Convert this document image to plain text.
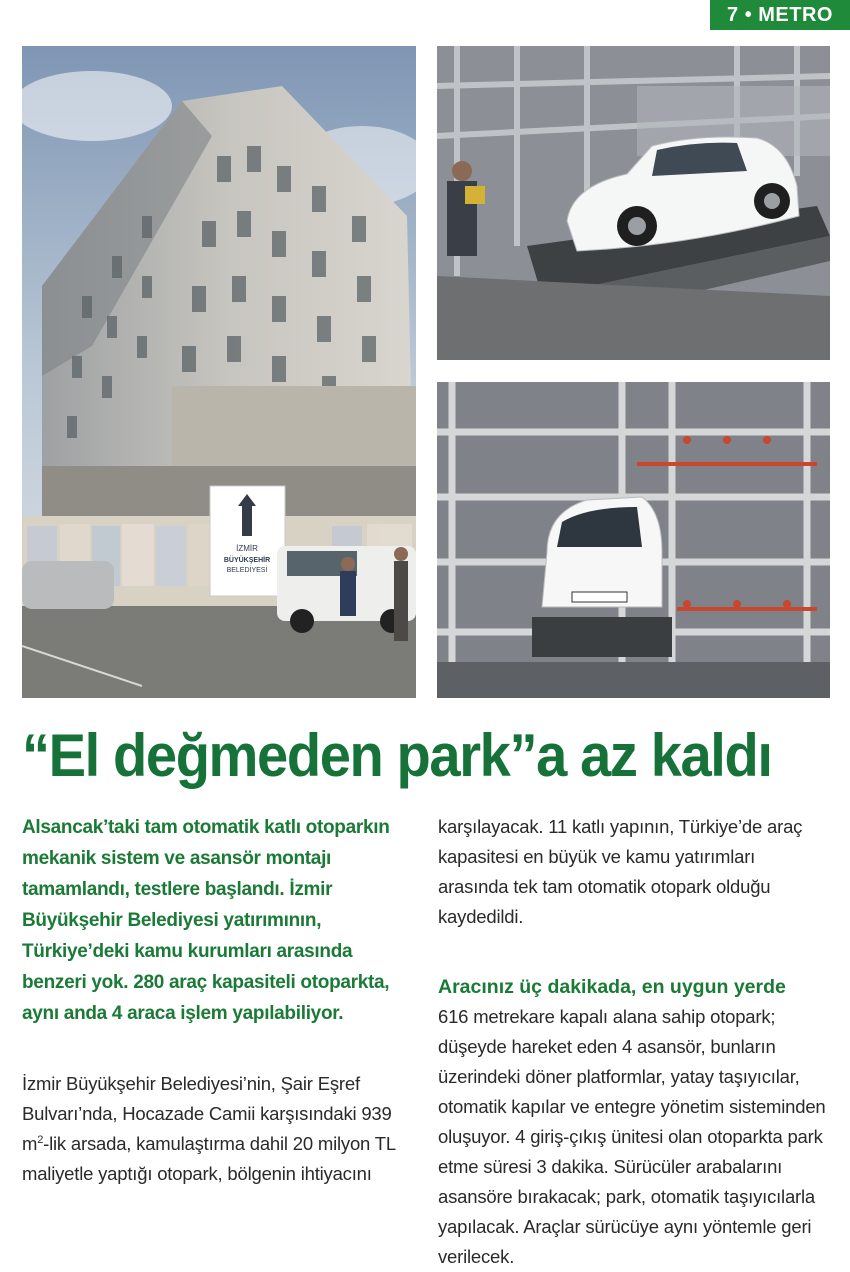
7 • METRO
İZMİR
BÜYÜKŞEHİR
BELEDİYESİ
“El değmeden park”a az kaldı

Alsancak’taki tam otomatik katlı otoparkın mekanik sistem ve asansör montajı tamamlandı, testlere başlandı. İzmir Büyükşehir Belediyesi yatırımının, Türkiye’deki kamu kurumları arasında benzeri yok. 280 araç kapasiteli otoparkta, aynı anda 4 araca işlem yapılabiliyor.

İzmir Büyükşehir Belediyesi’nin, Şair Eşref Bulvarı’nda, Hocazade Camii karşısındaki 939 $m^2$-lik arsada, kamulaştırma dahil 20 milyon TL maliyetle yaptığı otopark, bölgenin ihtiyacını

karşılayacak. 11 katlı yapının, Türkiye’de araç kapasitesi en büyük ve kamu yatırımları arasında tek tam otomatik otopark olduğu kaydedildi.

Aracınız üç dakikada, en uygun yerde

616 metrekare kapalı alana sahip otopark; düşeyde hareket eden 4 asansör, bunların üzerindeki döner platformlar, yatay taşıyıcılar, otomatik kapılar ve entegre yönetim sisteminden oluşuyor. 4 giriş-çıkış ünitesi olan otoparkta park etme süresi 3 dakika. Sürücüler arabalarını asansöre bırakacak; park, otomatik taşıyıcılarla yapılacak. Araçlar sürücüye aynı yöntemle geri verilecek.
